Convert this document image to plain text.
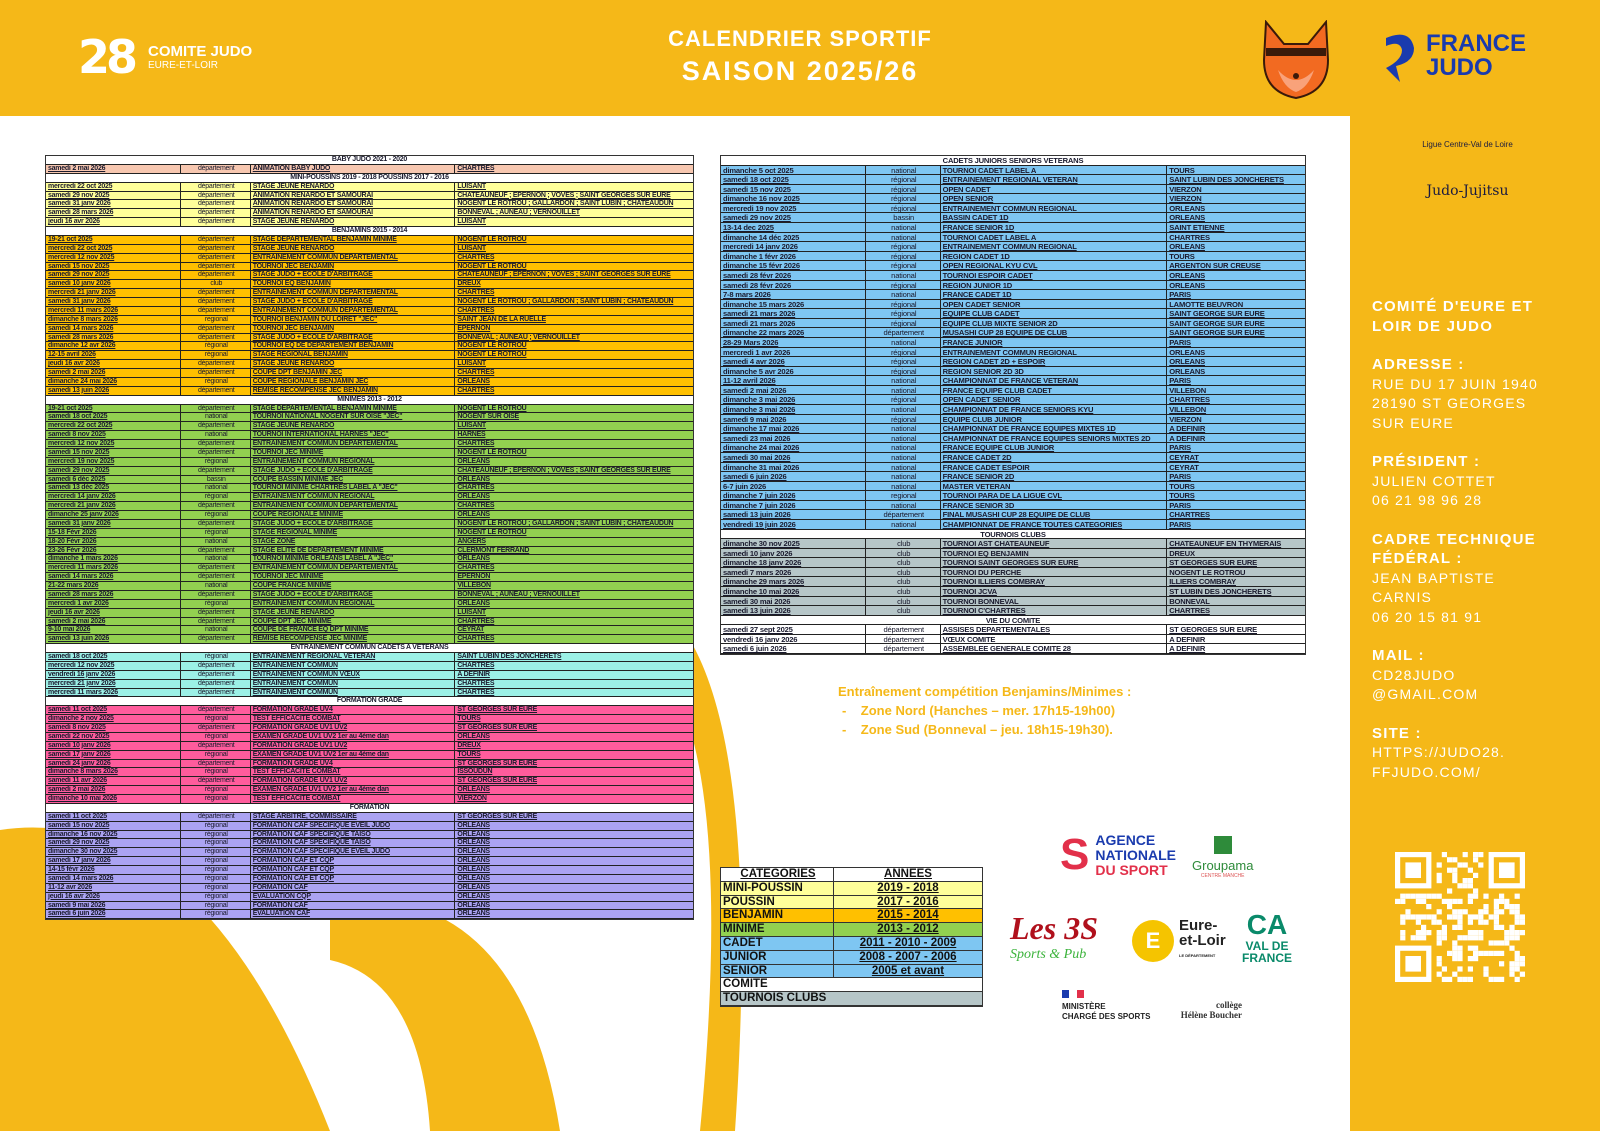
28 COMITE JUDO
EURE-ET-LOIR
CALENDRIER SPORTIF
SAISON 2025/26
FRANCE
JUDO
Ligue Centre-Val de Loire
Judo-Jujitsu
COMITÉ D'EURE ET
LOIR DE JUDO
ADRESSE :
RUE DU 17 JUIN 1940
28190 ST GEORGES
SUR EURE
PRÉSIDENT :
JULIEN COTTET
06 21 98 96 28
CADRE TECHNIQUE
FÉDÉRAL :
JEAN BAPTISTE
CARNIS
06 20 15 81 91
MAIL :
CD28JUDO
@GMAIL.COM
SITE :
HTTPS://JUDO28.
FFJUDO.COM/
BABY JUDO 2021 - 2020
samedi 2 mai 2026	département	ANIMATION BABY JUDO	CHARTRES
MINI-POUSSINS 2019 - 2018 POUSSINS 2017 - 2016
mercredi 22 oct 2025	département	STAGE JEUNE RENARDO	LUISANT
samedi 29 nov 2025	département	ANIMATION RENARDO ET SAMOURAÏ	CHATEAUNEUF ; EPERNON ; VOVES ; SAINT GEORGES SUR EURE
samedi 31 janv 2026	département	ANIMATION RENARDO ET SAMOURAÏ	NOGENT LE ROTROU ; GALLARDON ; SAINT LUBIN ; CHATEAUDUN
samedi 28 mars 2026	département	ANIMATION RENARDO ET SAMOURAÏ	BONNEVAL ; AUNEAU ; VERNOUILLET
jeudi 16 avr 2026	département	STAGE JEUNE RENARDO	LUISANT
BENJAMINS 2015 - 2014
19-21 oct 2025	département	STAGE DEPARTEMENTAL BENJAMIN MINIME	NOGENT LE ROTROU
mercredi 22 oct 2025	département	STAGE JEUNE RENARDO	LUISANT
mercredi 12 nov 2025	département	ENTRAINEMENT COMMUN DEPARTEMENTAL	CHARTRES
samedi 15 nov 2025	département	TOURNOI JEC BENJAMIN	NOGENT LE ROTROU
samedi 29 nov 2025	département	STAGE JUDO + ECOLE D'ARBITRAGE	CHATEAUNEUF ; EPERNON ; VOVES ; SAINT GEORGES SUR EURE
samedi 10 janv 2026	club	TOURNOI EQ BENJAMIN	DREUX
mercredi 21 janv 2026	département	ENTRAINEMENT COMMUN DEPARTEMENTAL	CHARTRES
samedi 31 janv 2026	département	STAGE JUDO + ECOLE D'ARBITRAGE	NOGENT LE ROTROU ; GALLARDON ; SAINT LUBIN ; CHATEAUDUN
mercredi 11 mars 2026	département	ENTRAINEMENT COMMUN DEPARTEMENTAL	CHARTRES
dimanche 8 mars 2026	regional	TOURNOI BENJAMIN DU LOIRET "JEC"	SAINT JEAN DE LA RUELLE
samedi 14 mars 2026	département	TOURNOI JEC BENJAMIN	EPERNON
samedi 28 mars 2026	département	STAGE JUDO + ECOLE D'ARBITRAGE	BONNEVAL ; AUNEAU ; VERNOUILLET
dimanche 12 avr 2026	régional	TOURNOI EQ DE DEPARTEMENT BENJAMIN	NOGENT LE ROTROU
12-15 avril 2026	régional	STAGE REGIONAL BENJAMIN	NOGENT LE ROTROU
jeudi 16 avr 2026	département	STAGE JEUNE RENARDO	LUISANT
samedi 2 mai 2026	département	COUPE DPT BENJAMIN JEC	CHARTRES
dimanche 24 mai 2026	régional	COUPE REGIONALE BENJAMIN JEC	ORLEANS
samedi 13 juin 2026	département	REMISE RECOMPENSE JEC BENJAMIN	CHARTRES
MINIMES 2013 - 2012
19-21 oct 2025	département	STAGE DEPARTEMENTAL BENJAMIN MINIME	NOGENT LE ROTROU
samedi 18 oct 2025	national	TOURNOI NATIONAL NOGENT SUR OISE "JEC"	NOGENT SUR OISE
mercredi 22 oct 2025	département	STAGE JEUNE RENARDO	LUISANT
samedi 8 nov 2025	national	TOURNOI INTERNATIONAL HARNES "JEC"	HARNES
mercredi 12 nov 2025	département	ENTRAINEMENT COMMUN DEPARTEMENTAL	CHARTRES
samedi 15 nov 2025	département	TOURNOI JEC MINIME	NOGENT LE ROTROU
mercredi 19 nov 2025	régional	ENTRAINEMENT COMMUN REGIONAL	ORLEANS
samedi 29 nov 2025	département	STAGE JUDO + ECOLE D'ARBITRAGE	CHATEAUNEUF ; EPERNON ; VOVES ; SAINT GEORGES SUR EURE
samedi 6 déc 2025	bassin	COUPE BASSIN MINIME JEC	ORLEANS
samedi 13 déc 2025	national	TOURNOI MINIME CHARTRES LABEL A "JEC"	CHARTRES
mercredi 14 janv 2026	régional	ENTRAINEMENT COMMUN REGIONAL	ORLEANS
mercredi 21 janv 2026	département	ENTRAINEMENT COMMUN DEPARTEMENTAL	CHARTRES
dimanche 25 janv 2026	régional	COUPE REGIONALE MINIME	ORLEANS
samedi 31 janv 2026	département	STAGE JUDO + ECOLE D'ARBITRAGE	NOGENT LE ROTROU ; GALLARDON ; SAINT LUBIN ; CHATEAUDUN
15-18 Févr 2026	régional	STAGE REGIONAL MINIME	NOGENT LE ROTROU
18-20 Févr 2026	national	STAGE ZONE	ANGERS
23-26 Févr 2026	département	STAGE ELITE DE DEPARTEMENT MINIME	CLERMONT FERRAND
dimanche 1 mars 2026	national	TOURNOI MINIME ORLEANS LABEL A "JEC"	ORLEANS
mercredi 11 mars 2026	département	ENTRAINEMENT COMMUN DEPARTEMENTAL	CHARTRES
samedi 14 mars 2026	département	TOURNOI JEC MINIME	EPERNON
21-22 mars 2026	national	COUPE FRANCE MINIME	VILLEBON
samedi 28 mars 2026	département	STAGE JUDO + ECOLE D'ARBITRAGE	BONNEVAL ; AUNEAU ; VERNOUILLET
mercredi 1 avr 2026	régional	ENTRAINEMENT COMMUN REGIONAL	ORLEANS
jeudi 16 avr 2026	département	STAGE JEUNE RENARDO	LUISANT
samedi 2 mai 2026	département	COUPE DPT JEC MINIME	CHARTRES
9-10 mai 2026	national	COUPE DE FRANCE EQ DPT MINIME	CEYRAT
samedi 13 juin 2026	département	REMISE RECOMPENSE JEC MINIME	CHARTRES
ENTRAINEMENT COMMUN CADETS A VETERANS
samedi 18 oct 2025	régional	ENTRAINEMENT REGIONAL VETERAN	SAINT LUBIN DES JONCHERETS
mercredi 12 nov 2025	département	ENTRAINEMENT COMMUN	CHARTRES
vendredi 16 janv 2026	département	ENTRAINEMENT COMMUN VŒUX	A DEFINIR
mercredi 21 janv 2026	département	ENTRAINEMENT COMMUN	CHARTRES
mercredi 11 mars 2026	département	ENTRAINEMENT COMMUN	CHARTRES
FORMATION GRADE
samedi 11 oct 2025	département	FORMATION GRADE UV4	ST GEORGES SUR EURE
dimanche 2 nov 2025	régional	TEST EFFICACITE COMBAT	TOURS
samedi 8 nov 2025	département	FORMATION GRADE UV1 UV2	ST GEORGES SUR EURE
samedi 22 nov 2025	régional	EXAMEN GRADE UV1 UV2 1er au 4ème dan	ORLEANS
samedi 10 janv 2026	département	FORMATION GRADE UV1 UV2	DREUX
samedi 17 janv 2026	régional	EXAMEN GRADE UV1 UV2 1er au 4ème dan	TOURS
samedi 24 janv 2026	département	FORMATION GRADE UV4	ST GEORGES SUR EURE
dimanche 8 mars 2026	régional	TEST EFFICACITE COMBAT	ISSOUDUN
samedi 11 avr 2026	département	FORMATION GRADE UV1 UV2	ST GEORGES SUR EURE
samedi 2 mai 2026	régional	EXAMEN GRADE UV1 UV2 1er au 4ème dan	ORLEANS
dimanche 10 mai 2026	régional	TEST EFFICACITE COMBAT	VIERZON
FORMATION
samedi 11 oct 2025	département	STAGE ARBITRE, COMMISSAIRE	ST GEORGES SUR EURE
samedi 15 nov 2025	régional	FORMATION CAF SPECIFIQUE EVEIL JUDO	ORLEANS
dimanche 16 nov 2025	régional	FORMATION CAF SPECIFIQUE TAISO	ORLEANS
samedi 29 nov 2025	régional	FORMATION CAF SPECIFIQUE TAISO	ORLEANS
dimanche 30 nov 2025	régional	FORMATION CAF SPECIFIQUE EVEIL JUDO	ORLEANS
samedi 17 janv 2026	régional	FORMATION CAF ET CQP	ORLEANS
14-15 févr 2026	régional	FORMATION CAF ET CQP	ORLEANS
samedi 14 mars 2026	régional	FORMATION CAF ET CQP	ORLEANS
11-12 avr 2026	régional	FORMATION CAF	ORLEANS
jeudi 16 avr 2026	régional	EVALUATION CQP	ORLEANS
samedi 9 mai 2026	régional	FORMATION CAF	ORLEANS
samedi 6 juin 2026	régional	EVALUATION CAF	ORLEANS
CADETS JUNIORS SENIORS VETERANS
dimanche 5 oct 2025	national	TOURNOI CADET LABEL A	TOURS
samedi 18 oct 2025	régional	ENTRAINEMENT REGIONAL VETERAN	SAINT LUBIN DES JONCHERETS
samedi 15 nov 2025	régional	OPEN CADET	VIERZON
dimanche 16 nov 2025	régional	OPEN SENIOR	VIERZON
mercredi 19 nov 2025	régional	ENTRAINEMENT COMMUN REGIONAL	ORLEANS
samedi 29 nov 2025	bassin	BASSIN CADET 1D	ORLEANS
13-14 dec 2025	national	FRANCE SENIOR 1D	SAINT ETIENNE
dimanche 14 déc 2025	national	TOURNOI CADET LABEL A	CHARTRES
mercredi 14 janv 2026	régional	ENTRAINEMENT COMMUN REGIONAL	ORLEANS
dimanche 1 févr 2026	régional	REGION CADET 1D	TOURS
dimanche 15 févr 2026	régional	OPEN REGIONAL KYU CVL	ARGENTON SUR CREUSE
samedi 28 févr 2026	national	TOURNOI ESPOIR CADET	ORLEANS
samedi 28 févr 2026	régional	REGION JUNIOR 1D	ORLEANS
7-8 mars 2026	national	FRANCE CADET 1D	PARIS
dimanche 15 mars 2026	régional	OPEN CADET SENIOR	LAMOTTE BEUVRON
samedi 21 mars 2026	régional	EQUIPE CLUB CADET	SAINT GEORGE SUR EURE
samedi 21 mars 2026	régional	EQUIPE CLUB MIXTE SENIOR 2D	SAINT GEORGE SUR EURE
dimanche 22 mars 2026	département	MUSASHI CUP 28 EQUIPE DE CLUB	SAINT GEORGE SUR EURE
28-29 Mars 2026	national	FRANCE JUNIOR	PARIS
mercredi 1 avr 2026	régional	ENTRAINEMENT COMMUN REGIONAL	ORLEANS
samedi 4 avr 2026	régional	REGION CADET 2D + ESPOIR	ORLEANS
dimanche 5 avr 2026	régional	REGION SENIOR 2D 3D	ORLEANS
11-12 avril 2026	national	CHAMPIONNAT DE FRANCE VETERAN	PARIS
samedi 2 mai 2026	national	FRANCE EQUIPE CLUB CADET	VILLEBON
dimanche 3 mai 2026	régional	OPEN CADET SENIOR	CHARTRES
dimanche 3 mai 2026	national	CHAMPIONNAT DE FRANCE SENIORS KYU	VILLEBON
samedi 9 mai 2026	régional	EQUIPE CLUB JUNIOR	VIERZON
dimanche 17 mai 2026	national	CHAMPIONNAT DE FRANCE EQUIPES MIXTES 1D	A DEFINIR
samedi 23 mai 2026	national	CHAMPIONNAT DE FRANCE EQUIPES SENIORS MIXTES 2D	A DEFINIR
dimanche 24 mai 2026	national	FRANCE EQUIPE CLUB JUNIOR	PARIS
samedi 30 mai 2026	national	FRANCE CADET 2D	CEYRAT
dimanche 31 mai 2026	national	FRANCE CADET ESPOIR	CEYRAT
samedi 6 juin 2026	national	FRANCE SENIOR 2D	PARIS
6-7 juin 2026	national	MASTER VETERAN	TOURS
dimanche 7 juin 2026	regional	TOURNOI PARA DE LA LIGUE CVL	TOURS
dimanche 7 juin 2026	national	FRANCE SENIOR 3D	PARIS
samedi 13 juin 2026	département	FINAL MUSASHI CUP 28 EQUIPE DE CLUB	CHARTRES
vendredi 19 juin 2026	national	CHAMPIONNAT DE FRANCE TOUTES CATEGORIES	PARIS
TOURNOIS CLUBS
dimanche 30 nov 2025	club	TOURNOI AST CHATEAUNEUF	CHATEAUNEUF EN THYMERAIS
samedi 10 janv 2026	club	TOURNOI EQ BENJAMIN	DREUX
dimanche 18 janv 2026	club	TOURNOI SAINT GEORGES SUR EURE	ST GEORGES SUR EURE
samedi 7 mars 2026	club	TOURNOI DU PERCHE	NOGENT LE ROTROU
dimanche 29 mars 2026	club	TOURNOI ILLIERS COMBRAY	ILLIERS COMBRAY
dimanche 10 mai 2026	club	TOURNOI JCVA	ST LUBIN DES JONCHERETS
samedi 30 mai 2026	club	TOURNOI BONNEVAL	BONNEVAL
samedi 13 juin 2026	club	TOURNOI C'CHARTRES	CHARTRES
VIE DU COMITE
samedi 27 sept 2025	département	ASSISES DEPARTEMENTALES	ST GEORGES SUR EURE
vendredi 16 janv 2026	département	VŒUX COMITE	A DEFINIR
samedi 6 juin 2026	département	ASSEMBLEE GENERALE COMITE 28	A DEFINIR
Entraînement compétition Benjamins/Minimes :
-    Zone Nord (Hanches – mer. 17h15-19h00)
-    Zone Sud (Bonneval – jeu. 18h15-19h30).
CATEGORIES	ANNEES
MINI-POUSSIN	2019 - 2018
POUSSIN	2017 - 2016
BENJAMIN	2015 - 2014
MINIME	2013 - 2012
CADET	2011 - 2010 - 2009
JUNIOR	2008 - 2007 - 2006
SENIOR	2005 et avant
COMITE
TOURNOIS CLUBS
S AGENCE
NATIONALE
DU SPORT	Groupama
CENTRE MANCHE
Les 3S
Sports & Pub
E
Eure-
et-Loir
LE DÉPARTEMENT
CA
VAL DE
FRANCE
MINISTÈRE
CHARGÉ DES SPORTS
collège
Hélène Boucher
